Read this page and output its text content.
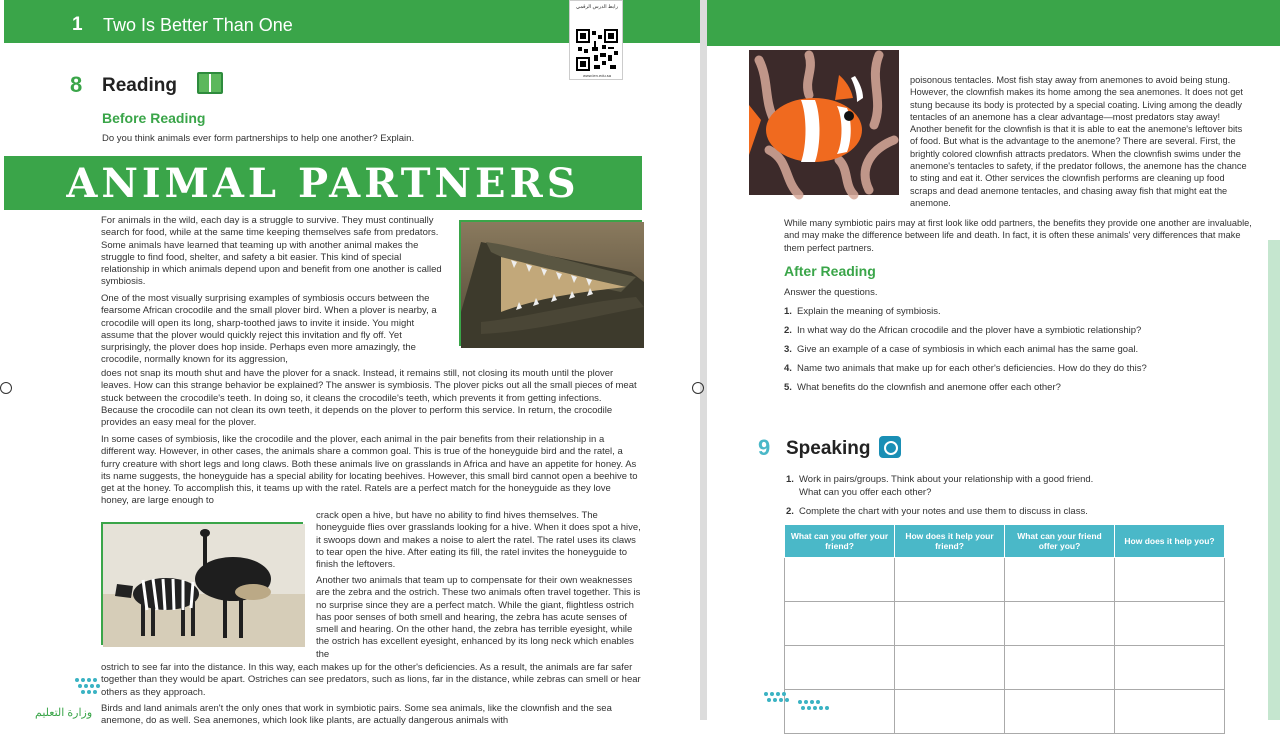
1 Two Is Better Than One
رابط الدرس الرقمي
www.ien.edu.sa
8 Reading
Before Reading
Do you think animals ever form partnerships to help one another? Explain.
ANIMAL PARTNERS
For animals in the wild, each day is a struggle to survive. They must continually search for food, while at the same time keeping themselves safe from predators. Some animals have learned that teaming up with another animal makes the struggle to find food, shelter, and safety a bit easier. This kind of special relationship in which animals depend upon and benefit from one another is called symbiosis.
One of the most visually surprising examples of symbiosis occurs between the fearsome African crocodile and the small plover bird. When a plover is nearby, a crocodile will open its long, sharp-toothed jaws to invite it inside. You might assume that the plover would quickly reject this invitation and fly off. Yet surprisingly, the plover does hop inside. Perhaps even more amazingly, the crocodile, normally known for its aggression,
does not snap its mouth shut and have the plover for a snack. Instead, it remains still, not closing its mouth until the plover leaves. How can this strange behavior be explained? The answer is symbiosis. The plover picks out all the small pieces of meat stuck between the crocodile's teeth. In doing so, it cleans the crocodile's teeth, which prevents it from getting infections. Because the crocodile can not clean its own teeth, it depends on the plover to perform this service. In return, the crocodile provides an easy meal for the plover.
In some cases of symbiosis, like the crocodile and the plover, each animal in the pair benefits from their relationship in a different way. However, in other cases, the animals share a common goal. This is true of the honeyguide bird and the ratel, a furry creature with short legs and long claws. Both these animals live on grasslands in Africa and have an appetite for honey. As its name suggests, the honeyguide has a special ability for locating beehives. However, this small bird cannot open a beehive to get at the honey. To accomplish this, it teams up with the ratel. Ratels are a perfect match for the honeyguide as they love honey, are large enough to
crack open a hive, but have no ability to find hives themselves. The honeyguide flies over grasslands looking for a hive. When it does spot a hive, it swoops down and makes a noise to alert the ratel. The ratel uses its claws to tear open the hive. After eating its fill, the ratel invites the honeyguide to finish the leftovers.
Another two animals that team up to compensate for their own weaknesses are the zebra and the ostrich. These two animals often travel together. This is no surprise since they are a perfect match. While the giant, flightless ostrich has poor senses of both smell and hearing, the zebra has acute senses of smell and hearing. On the other hand, the zebra has terrible eyesight, while the ostrich has excellent eyesight, enhanced by its long neck which enables the
ostrich to see far into the distance. In this way, each makes up for the other's deficiencies. As a result, the animals are far safer together than they would be apart. Ostriches can see predators, such as lions, far in the distance, while zebras can smell or hear others as they approach.
Birds and land animals aren't the only ones that work in symbiotic pairs. Some sea animals, like the clownfish and the sea anemone, do as well. Sea anemones, which look like plants, are actually dangerous animals with
وزارة التعليم
poisonous tentacles. Most fish stay away from anemones to avoid being stung. However, the clownfish makes its home among the sea anemones. It does not get stung because its body is protected by a special coating. Living among the deadly tentacles of an anemone has a clear advantage—most predators stay away! Another benefit for the clownfish is that it is able to eat the anemone's leftover bits of food. But what is the advantage to the anemone? There are several. First, the brightly colored clownfish attracts predators. When the clownfish swims under the anemone's tentacles to safety, if the predator follows, the anemone has the chance to sting and eat it. Other services the clownfish performs are cleaning up food scraps and dead anemone tentacles, and chasing away fish that might eat the anemone.
While many symbiotic pairs may at first look like odd partners, the benefits they provide one another are invaluable, and may make the difference between life and death. In fact, it is often these animals' very differences that make them perfect partners.
After Reading
Answer the questions.
1. Explain the meaning of symbiosis.
2. In what way do the African crocodile and the plover have a symbiotic relationship?
3. Give an example of a case of symbiosis in which each animal has the same goal.
4. Name two animals that make up for each other's deficiencies. How do they do this?
5. What benefits do the clownfish and anemone offer each other?
9 Speaking
1. Work in pairs/groups. Think about your relationship with a good friend.
What can you offer each other?
2. Complete the chart with your notes and use them to discuss in class.
What can you offer your friend?	How does it help your friend?	What can your friend offer you?	How does it help you?
